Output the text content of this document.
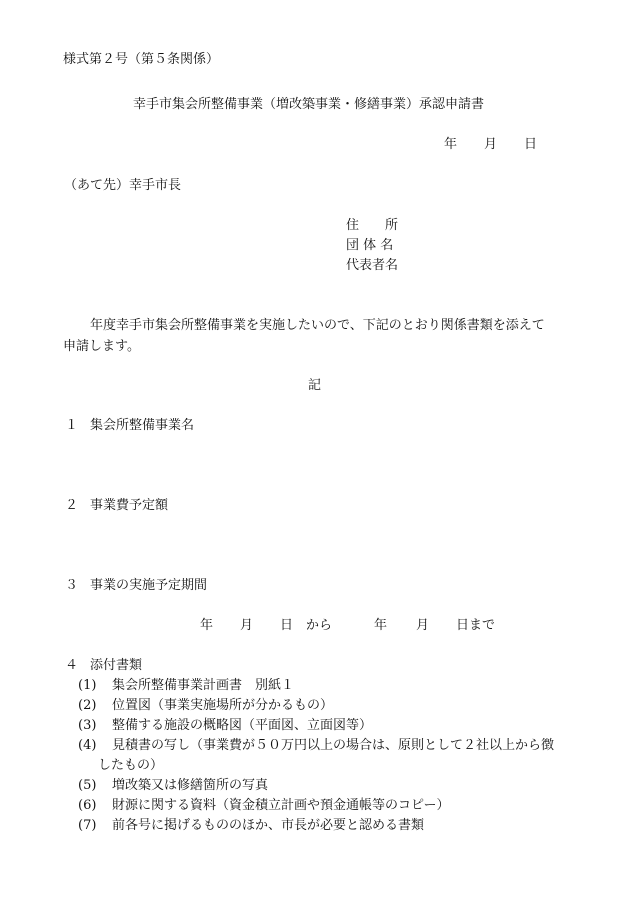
様式第２号（第５条関係）
幸手市集会所整備事業（増改築事業・修繕事業）承認申請書
年 月 日
（あて先）幸手市長
住　　所
団 体 名
代表者名
年度幸手市集会所整備事業を実施したいので、下記のとおり関係書類を添えて
申請します。
記
１ 集会所整備事業名
２ 事業費予定額
３ 事業の実施予定期間
年 月 日 から	年 月 日まで
４ 添付書類
(1) 集会所整備事業計画書　別紙１
(2) 位置図（事業実施場所が分かるもの）
(3) 整備する施設の概略図（平面図、立面図等）
(4) 見積書の写し（事業費が５０万円以上の場合は、原則として２社以上から徴
したもの）
(5) 増改築又は修繕箇所の写真
(6) 財源に関する資料（資金積立計画や預金通帳等のコピー）
(7) 前各号に掲げるもののほか、市長が必要と認める書類
